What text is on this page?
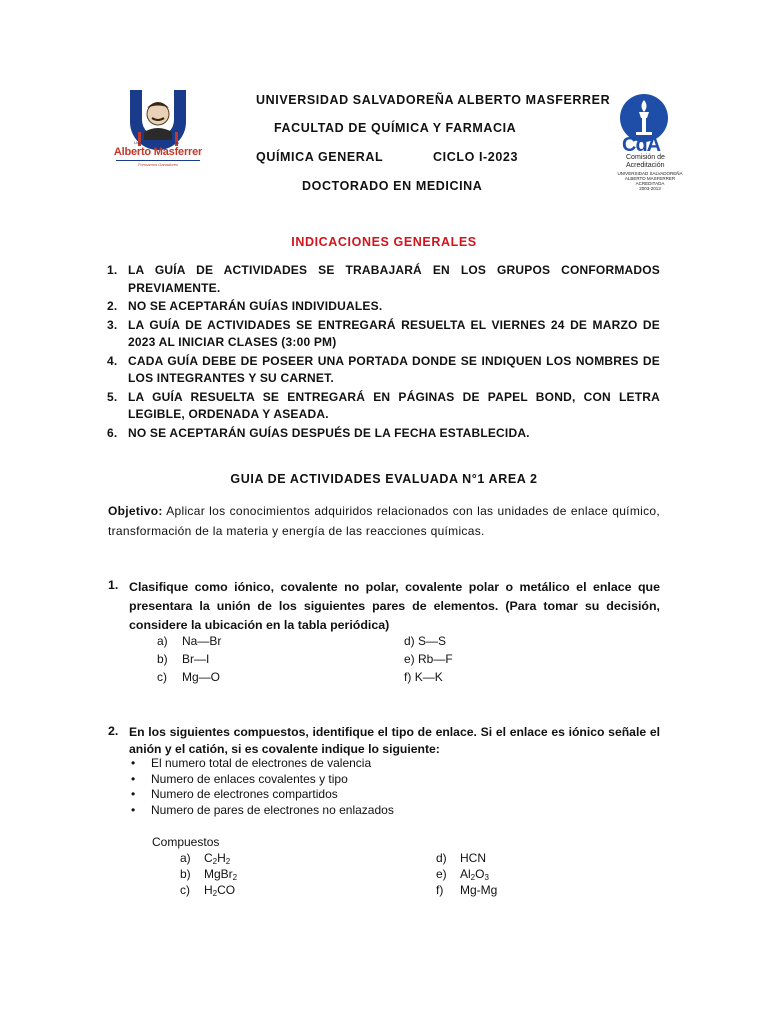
Universidad Salvadoreña
Alberto Masferrer
Formamos Ganadores
CdA
Comisión de
Acreditación
UNIVERSIDAD SALVADOREÑA
ALBERTO MASFERRER
ACREDITADA
2003-2013
UNIVERSIDAD SALVADOREÑA ALBERTO MASFERRER
FACULTAD DE QUÍMICA Y FARMACIA
QUÍMICA GENERAL	CICLO I-2023
DOCTORADO EN MEDICINA
INDICACIONES GENERALES
1. LA GUÍA DE ACTIVIDADES SE TRABAJARÁ EN LOS GRUPOS CONFORMADOS PREVIAMENTE.
2. NO SE ACEPTARÁN GUÍAS INDIVIDUALES.
3. LA GUÍA DE ACTIVIDADES SE ENTREGARÁ RESUELTA EL VIERNES 24 DE MARZO DE 2023 AL INICIAR CLASES (3:00 PM)
4. CADA GUÍA DEBE DE POSEER UNA PORTADA DONDE SE INDIQUEN LOS NOMBRES DE LOS INTEGRANTES Y SU CARNET.
5. LA GUÍA RESUELTA SE ENTREGARÁ EN PÁGINAS DE PAPEL BOND, CON LETRA LEGIBLE, ORDENADA Y ASEADA.
6. NO SE ACEPTARÁN GUÍAS DESPUÉS DE LA FECHA ESTABLECIDA.
GUIA DE ACTIVIDADES EVALUADA N°1 AREA 2
Objetivo: Aplicar los conocimientos adquiridos relacionados con las unidades de enlace químico, transformación de la materia y energía de las reacciones químicas.
1. Clasifique como iónico, covalente no polar, covalente polar o metálico el enlace que presentara la unión de los siguientes pares de elementos. (Para tomar su decisión, considere la ubicación en la tabla periódica)
a) Na—Br
b) Br—I
c) Mg—O
d) S—S
e) Rb—F
f) K—K
2. En los siguientes compuestos, identifique el tipo de enlace. Si el enlace es iónico señale el anión y el catión, si es covalente indique lo siguiente:
• El numero total de electrones de valencia
• Numero de enlaces covalentes y tipo
• Numero de electrones compartidos
• Numero de pares de electrones no enlazados
Compuestos
a) $C_2H_2$
b) MgBr$_2$
c) $H_2CO$
d) HCN
e) $Al_2O_3$
f) Mg-Mg
